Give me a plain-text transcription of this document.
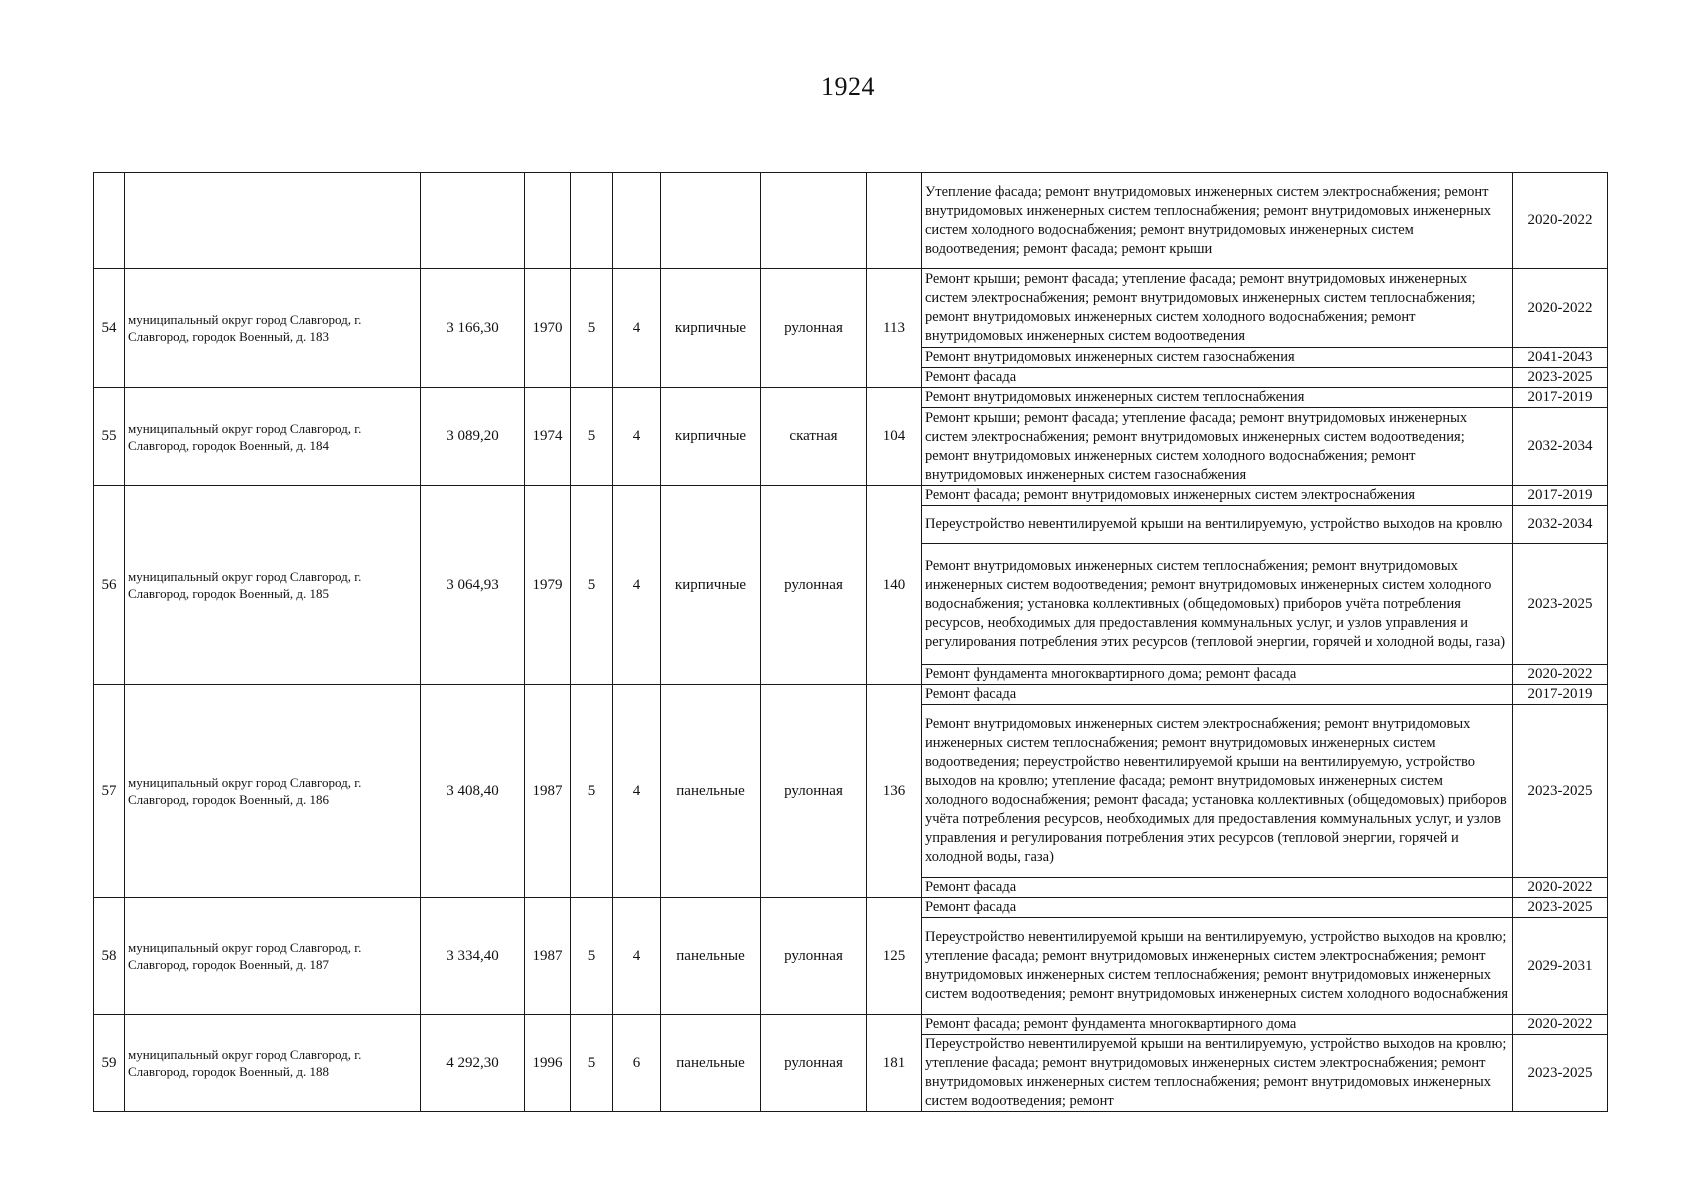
1924
									Утепление фасада; ремонт внутридомовых инженерных систем электроснабжения; ремонт внутридомовых инженерных систем теплоснабжения; ремонт внутридомовых инженерных систем холодного водоснабжения; ремонт внутридомовых инженерных систем водоотведения; ремонт фасада; ремонт крыши	2020-2022
54	муниципальный округ город Славгород, г. Славгород, городок Военный, д. 183	3 166,30	1970	5	4	кирпичные	рулонная	113	Ремонт крыши; ремонт фасада; утепление фасада; ремонт внутридомовых инженерных систем электроснабжения; ремонт внутридомовых инженерных систем теплоснабжения; ремонт внутридомовых инженерных систем холодного водоснабжения; ремонт внутридомовых инженерных систем водоотведения	2020-2022
									Ремонт внутридомовых инженерных систем газоснабжения	2041-2043
									Ремонт фасада	2023-2025
55	муниципальный округ город Славгород, г. Славгород, городок Военный, д. 184	3 089,20	1974	5	4	кирпичные	скатная	104	Ремонт внутридомовых инженерных систем теплоснабжения	2017-2019
									Ремонт крыши; ремонт фасада; утепление фасада; ремонт внутридомовых инженерных систем электроснабжения; ремонт внутридомовых инженерных систем водоотведения; ремонт внутридомовых инженерных систем холодного водоснабжения; ремонт внутридомовых инженерных систем газоснабжения	2032-2034
56	муниципальный округ город Славгород, г. Славгород, городок Военный, д. 185	3 064,93	1979	5	4	кирпичные	рулонная	140	Ремонт фасада; ремонт внутридомовых инженерных систем электроснабжения	2017-2019
									Переустройство невентилируемой крыши на вентилируемую, устройство выходов на кровлю	2032-2034
									Ремонт внутридомовых инженерных систем теплоснабжения; ремонт внутридомовых инженерных систем водоотведения; ремонт внутридомовых инженерных систем холодного водоснабжения; установка коллективных (общедомовых) приборов учёта потребления ресурсов, необходимых для предоставления коммунальных услуг, и узлов управления и регулирования потребления этих ресурсов (тепловой энергии, горячей и холодной воды, газа)	2023-2025
									Ремонт фундамента многоквартирного дома; ремонт фасада	2020-2022
57	муниципальный округ город Славгород, г. Славгород, городок Военный, д. 186	3 408,40	1987	5	4	панельные	рулонная	136	Ремонт фасада	2017-2019
									Ремонт внутридомовых инженерных систем электроснабжения; ремонт внутридомовых инженерных систем теплоснабжения; ремонт внутридомовых инженерных систем водоотведения; переустройство невентилируемой крыши на вентилируемую, устройство выходов на кровлю; утепление фасада; ремонт внутридомовых инженерных систем холодного водоснабжения; ремонт фасада; установка коллективных (общедомовых) приборов учёта потребления ресурсов, необходимых для предоставления коммунальных услуг, и узлов управления и регулирования потребления этих ресурсов (тепловой энергии, горячей и холодной воды, газа)	2023-2025
									Ремонт фасада	2020-2022
58	муниципальный округ город Славгород, г. Славгород, городок Военный, д. 187	3 334,40	1987	5	4	панельные	рулонная	125	Ремонт фасада	2023-2025
									Переустройство невентилируемой крыши на вентилируемую, устройство выходов на кровлю; утепление фасада; ремонт внутридомовых инженерных систем электроснабжения; ремонт внутридомовых инженерных систем теплоснабжения; ремонт внутридомовых инженерных систем водоотведения; ремонт внутридомовых инженерных систем холодного водоснабжения	2029-2031
59	муниципальный округ город Славгород, г. Славгород, городок Военный, д. 188	4 292,30	1996	5	6	панельные	рулонная	181	Ремонт фасада; ремонт фундамента многоквартирного дома	2020-2022
									Переустройство невентилируемой крыши на вентилируемую, устройство выходов на кровлю; утепление фасада; ремонт внутридомовых инженерных систем электроснабжения; ремонт внутридомовых инженерных систем теплоснабжения; ремонт внутридомовых инженерных систем водоотведения; ремонт	2023-2025
